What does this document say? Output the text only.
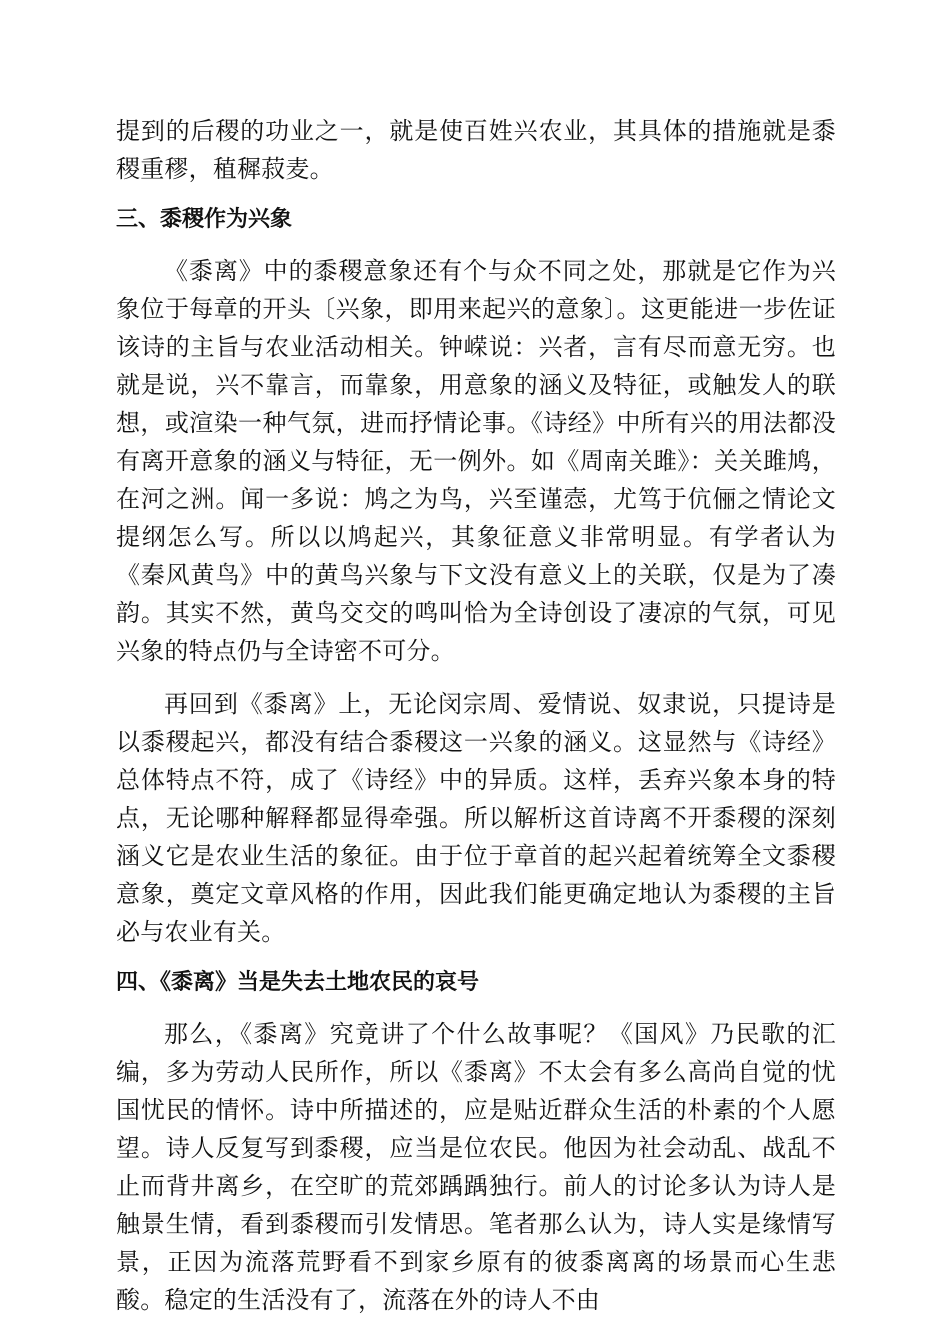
提到的后稷的功业之一，就是使百姓兴农业，其具体的措施就是黍稷重穋，稙穉菽麦。

三、黍稷作为兴象

《黍离》中的黍稷意象还有个与众不同之处，那就是它作为兴象位于每章的开头〔兴象，即用来起兴的意象〕。这更能进一步佐证该诗的主旨与农业活动相关。钟嵘说：兴者，言有尽而意无穷。也就是说，兴不靠言，而靠象，用意象的涵义及特征，或触发人的联想，或渲染一种气氛，进而抒情论事。《诗经》中所有兴的用法都没有离开意象的涵义与特征，无一例外。如《周南关雎》：关关雎鸠，在河之洲。闻一多说：鸠之为鸟，兴至谨悫，尤笃于伉俪之情论文提纲怎么写。所以以鸠起兴，其象征意义非常明显。有学者认为《秦风黄鸟》中的黄鸟兴象与下文没有意义上的关联，仅是为了凑韵。其实不然，黄鸟交交的鸣叫恰为全诗创设了凄凉的气氛，可见兴象的特点仍与全诗密不可分。

再回到《黍离》上，无论闵宗周、爱情说、奴隶说，只提诗是以黍稷起兴，都没有结合黍稷这一兴象的涵义。这显然与《诗经》总体特点不符，成了《诗经》中的异质。这样，丢弃兴象本身的特点，无论哪种解释都显得牵强。所以解析这首诗离不开黍稷的深刻涵义它是农业生活的象征。由于位于章首的起兴起着统筹全文黍稷意象，奠定文章风格的作用，因此我们能更确定地认为黍稷的主旨必与农业有关。

四、《黍离》当是失去土地农民的哀号

那么，《黍离》究竟讲了个什么故事呢？《国风》乃民歌的汇编，多为劳动人民所作，所以《黍离》不太会有多么高尚自觉的忧国忧民的情怀。诗中所描述的，应是贴近群众生活的朴素的个人愿望。诗人反复写到黍稷，应当是位农民。他因为社会动乱、战乱不止而背井离乡，在空旷的荒郊踽踽独行。前人的讨论多认为诗人是触景生情，看到黍稷而引发情思。笔者那么认为，诗人实是缘情写景，正因为流落荒野看不到家乡原有的彼黍离离的场景而心生悲酸。稳定的生活没有了，流落在外的诗人不由
